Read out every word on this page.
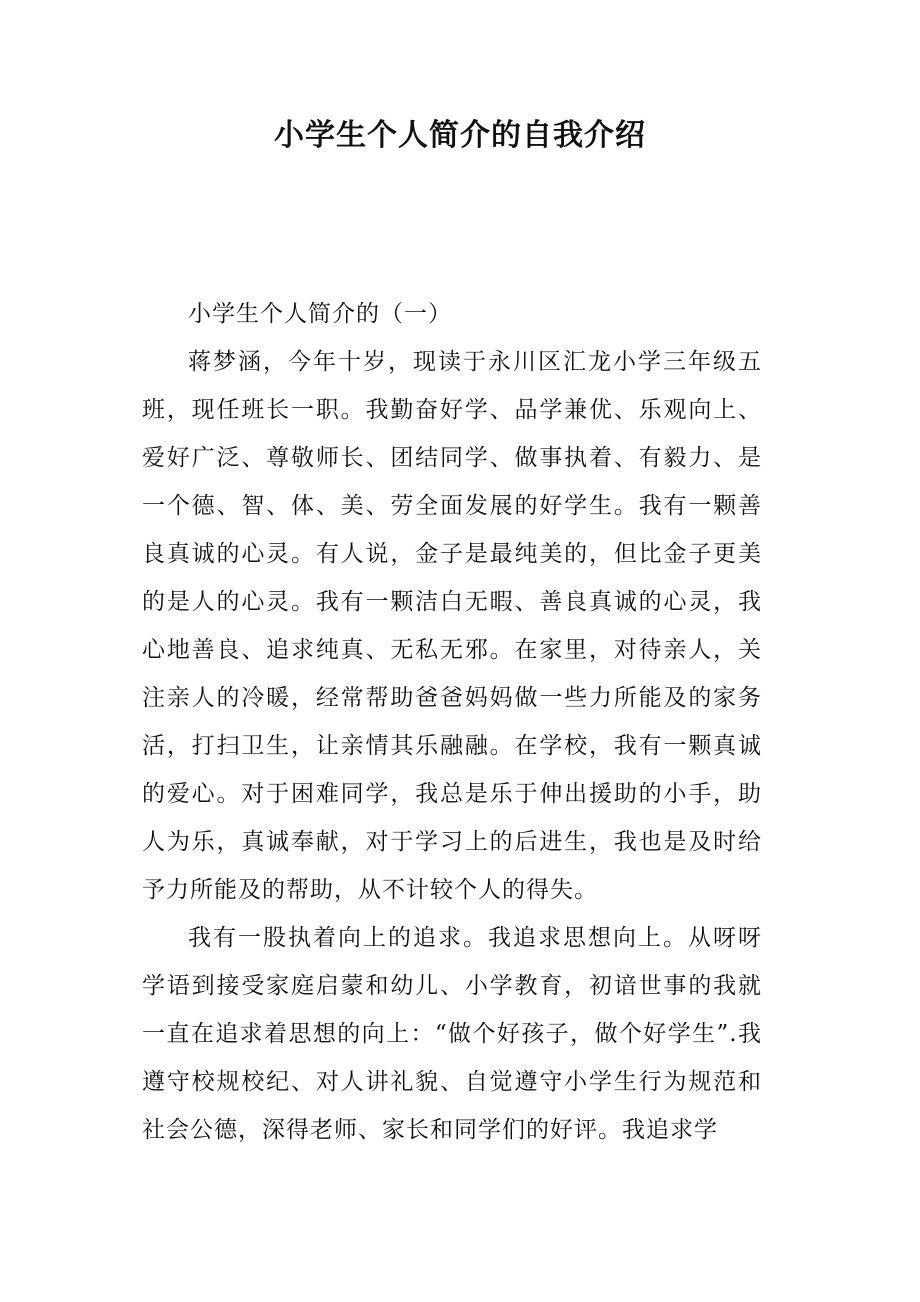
小学生个人简介的自我介绍

小学生个人简介的（一）

蒋梦涵，今年十岁，现读于永川区汇龙小学三年级五班，现任班长一职。我勤奋好学、品学兼优、乐观向上、爱好广泛、尊敬师长、团结同学、做事执着、有毅力、是一个德、智、体、美、劳全面发展的好学生。我有一颗善良真诚的心灵。有人说，金子是最纯美的，但比金子更美的是人的心灵。我有一颗洁白无暇、善良真诚的心灵，我心地善良、追求纯真、无私无邪。在家里，对待亲人，关注亲人的冷暖，经常帮助爸爸妈妈做一些力所能及的家务活，打扫卫生，让亲情其乐融融。在学校，我有一颗真诚的爱心。对于困难同学，我总是乐于伸出援助的小手，助人为乐，真诚奉献，对于学习上的后进生，我也是及时给予力所能及的帮助，从不计较个人的得失。

我有一股执着向上的追求。我追求思想向上。从呀呀学语到接受家庭启蒙和幼儿、小学教育，初谙世事的我就一直在追求着思想的向上：“做个好孩子，做个好学生”.我遵守校规校纪、对人讲礼貌、自觉遵守小学生行为规范和社会公德，深得老师、家长和同学们的好评。我追求学
